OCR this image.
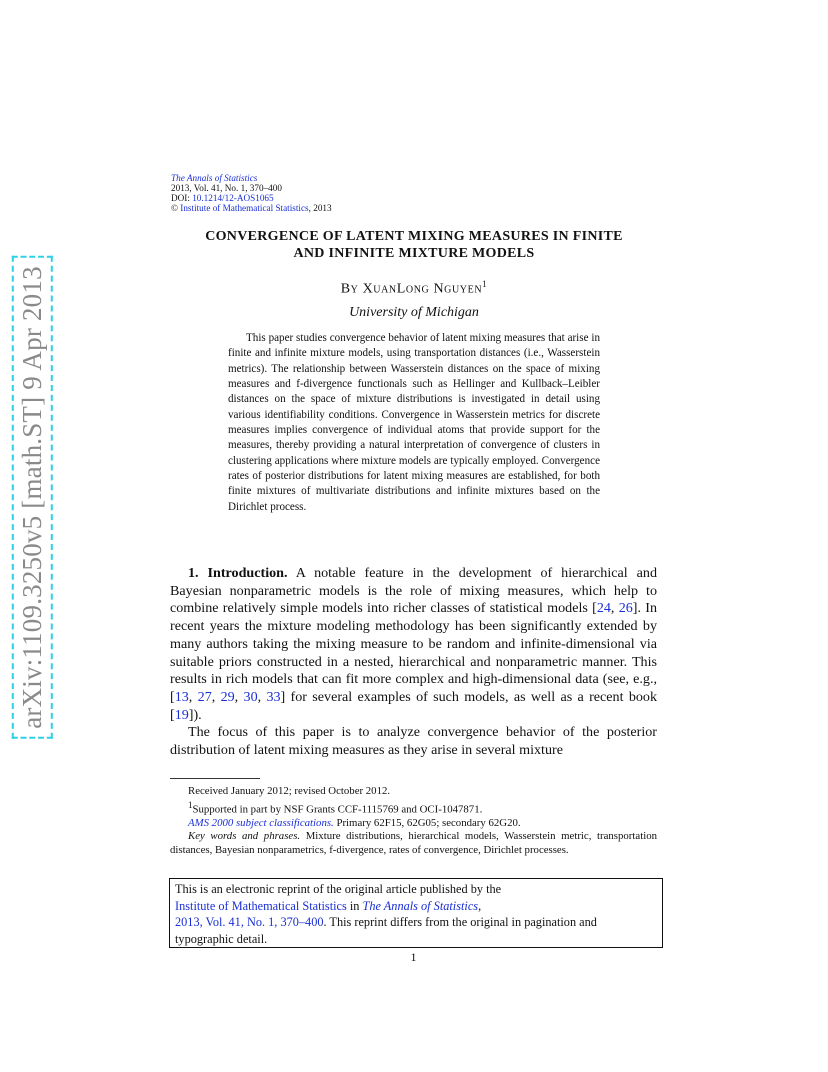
arXiv:1109.3250v5 [math.ST] 9 Apr 2013
The Annals of Statistics
2013, Vol. 41, No. 1, 370–400
DOI: 10.1214/12-AOS1065
© Institute of Mathematical Statistics, 2013
CONVERGENCE OF LATENT MIXING MEASURES IN FINITE
AND INFINITE MIXTURE MODELS
By XuanLong Nguyen$^1$
University of Michigan
This paper studies convergence behavior of latent mixing measures that arise in finite and infinite mixture models, using transportation distances (i.e., Wasserstein metrics). The relationship between Wasserstein distances on the space of mixing measures and f-divergence functionals such as Hellinger and Kullback–Leibler distances on the space of mixture distributions is investigated in detail using various identifiability conditions. Convergence in Wasserstein metrics for discrete measures implies convergence of individual atoms that provide support for the measures, thereby providing a natural interpretation of convergence of clusters in clustering applications where mixture models are typically employed. Convergence rates of posterior distributions for latent mixing measures are established, for both finite mixtures of multivariate distributions and infinite mixtures based on the Dirichlet process.

1. Introduction. A notable feature in the development of hierarchical and Bayesian nonparametric models is the role of mixing measures, which help to combine relatively simple models into richer classes of statistical models [24, 26]. In recent years the mixture modeling methodology has been significantly extended by many authors taking the mixing measure to be random and infinite-dimensional via suitable priors constructed in a nested, hierarchical and nonparametric manner. This results in rich models that can fit more complex and high-dimensional data (see, e.g., [13, 27, 29, 30, 33] for several examples of such models, as well as a recent book [19]).

The focus of this paper is to analyze convergence behavior of the posterior distribution of latent mixing measures as they arise in several mixture

Received January 2012; revised October 2012.

$^1$Supported in part by NSF Grants CCF-1115769 and OCI-1047871.

AMS 2000 subject classifications. Primary 62F15, 62G05; secondary 62G20.

Key words and phrases. Mixture distributions, hierarchical models, Wasserstein metric, transportation distances, Bayesian nonparametrics, f-divergence, rates of convergence, Dirichlet processes.

This is an electronic reprint of the original article published by the
Institute of Mathematical Statistics in The Annals of Statistics,
2013, Vol. 41, No. 1, 370–400. This reprint differs from the original in pagination and typographic detail.
1
